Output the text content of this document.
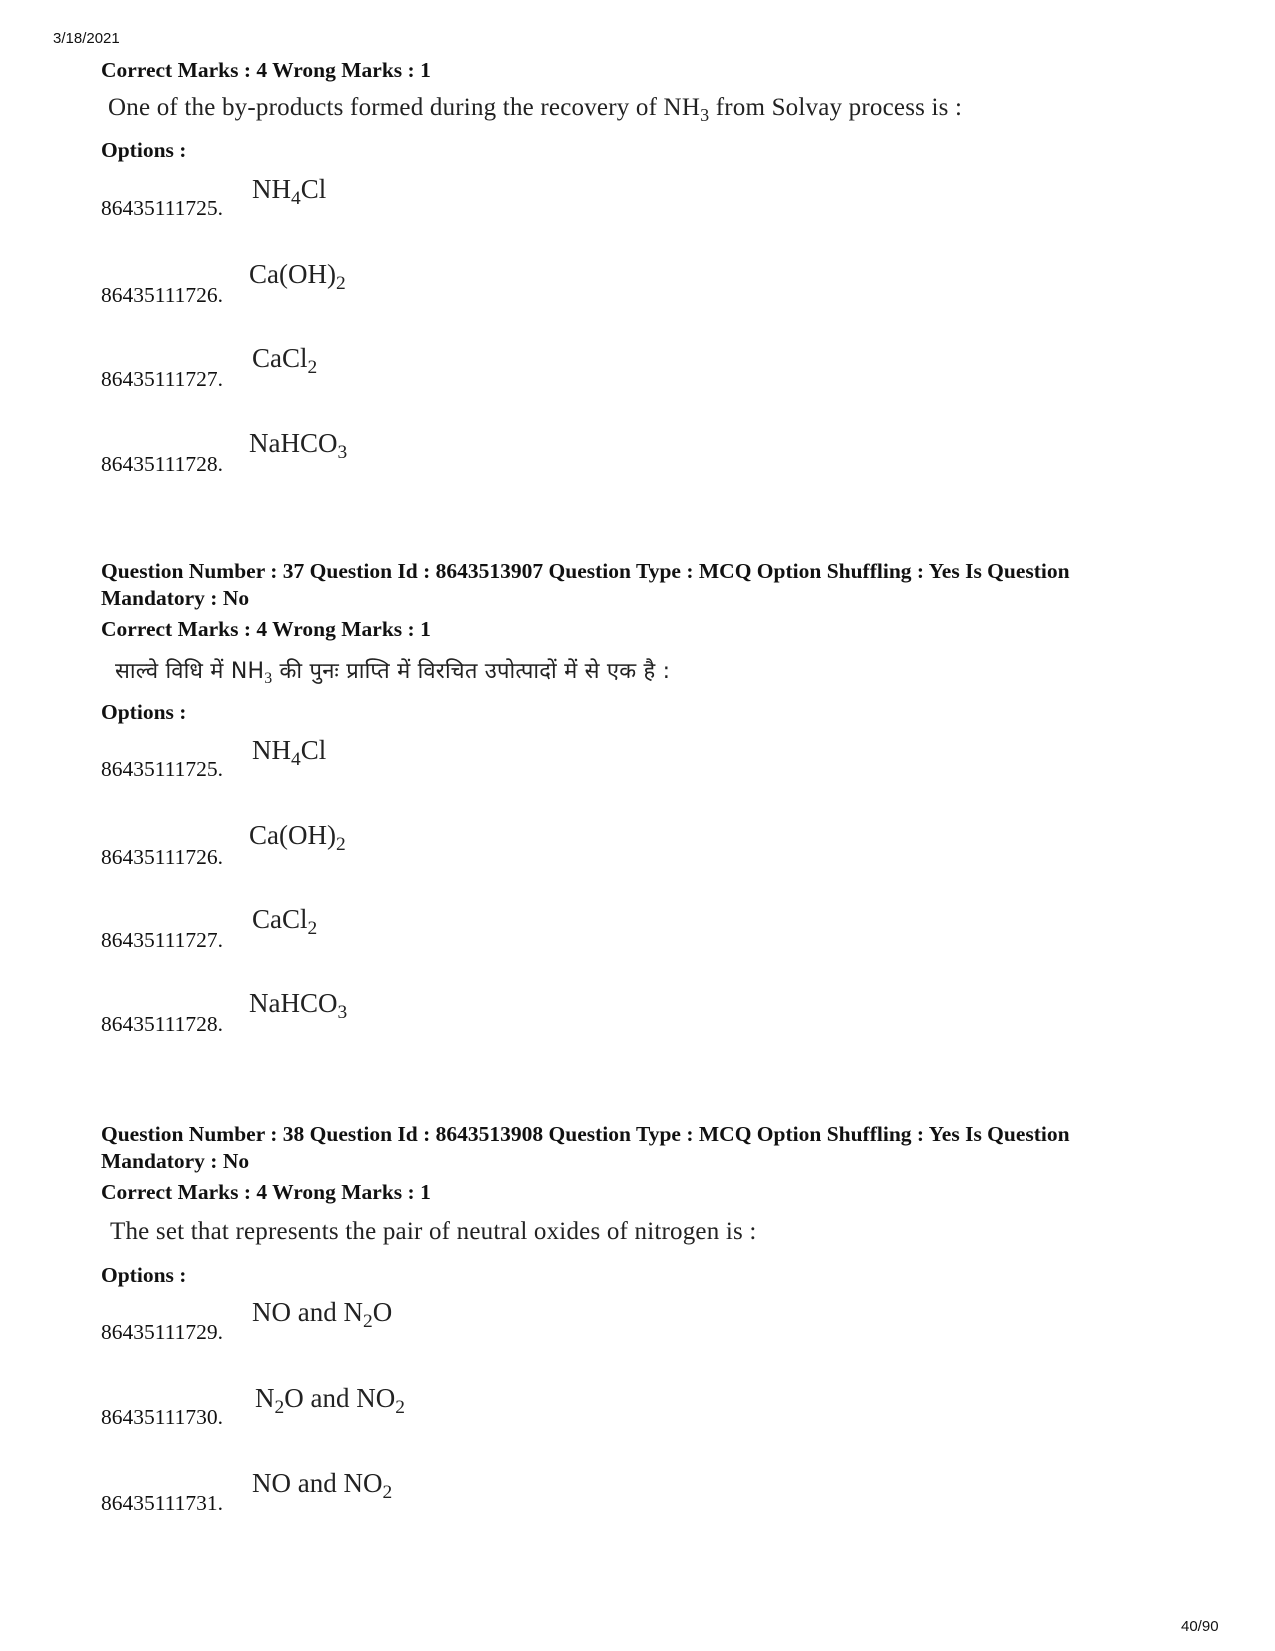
3/18/2021
Correct Marks : 4 Wrong Marks : 1
One of the by-products formed during the recovery of $NH_3$ from Solvay process is :
Options :
86435111725.
$NH_4Cl$
86435111726.
$Ca(OH)_2$
86435111727.
CaCl$_2$
86435111728.
NaHCO$_3$
Question Number : 37 Question Id : 8643513907 Question Type : MCQ Option Shuffling : Yes Is Question Mandatory : No
Correct Marks : 4 Wrong Marks : 1
साल्वे विधि में $NH_3$ की पुनः प्राप्ति में विरचित उपोत्पादों में से एक है :
Options :
86435111725.
$NH_4Cl$
86435111726.
$Ca(OH)_2$
86435111727.
CaCl$_2$
86435111728.
NaHCO$_3$
Question Number : 38 Question Id : 8643513908 Question Type : MCQ Option Shuffling : Yes Is Question Mandatory : No
Correct Marks : 4 Wrong Marks : 1
The set that represents the pair of neutral oxides of nitrogen is :
Options :
86435111729.
NO and $N_2O$
86435111730.
$N_2O$ and $NO_2$
86435111731.
NO and $NO_2$
40/90
